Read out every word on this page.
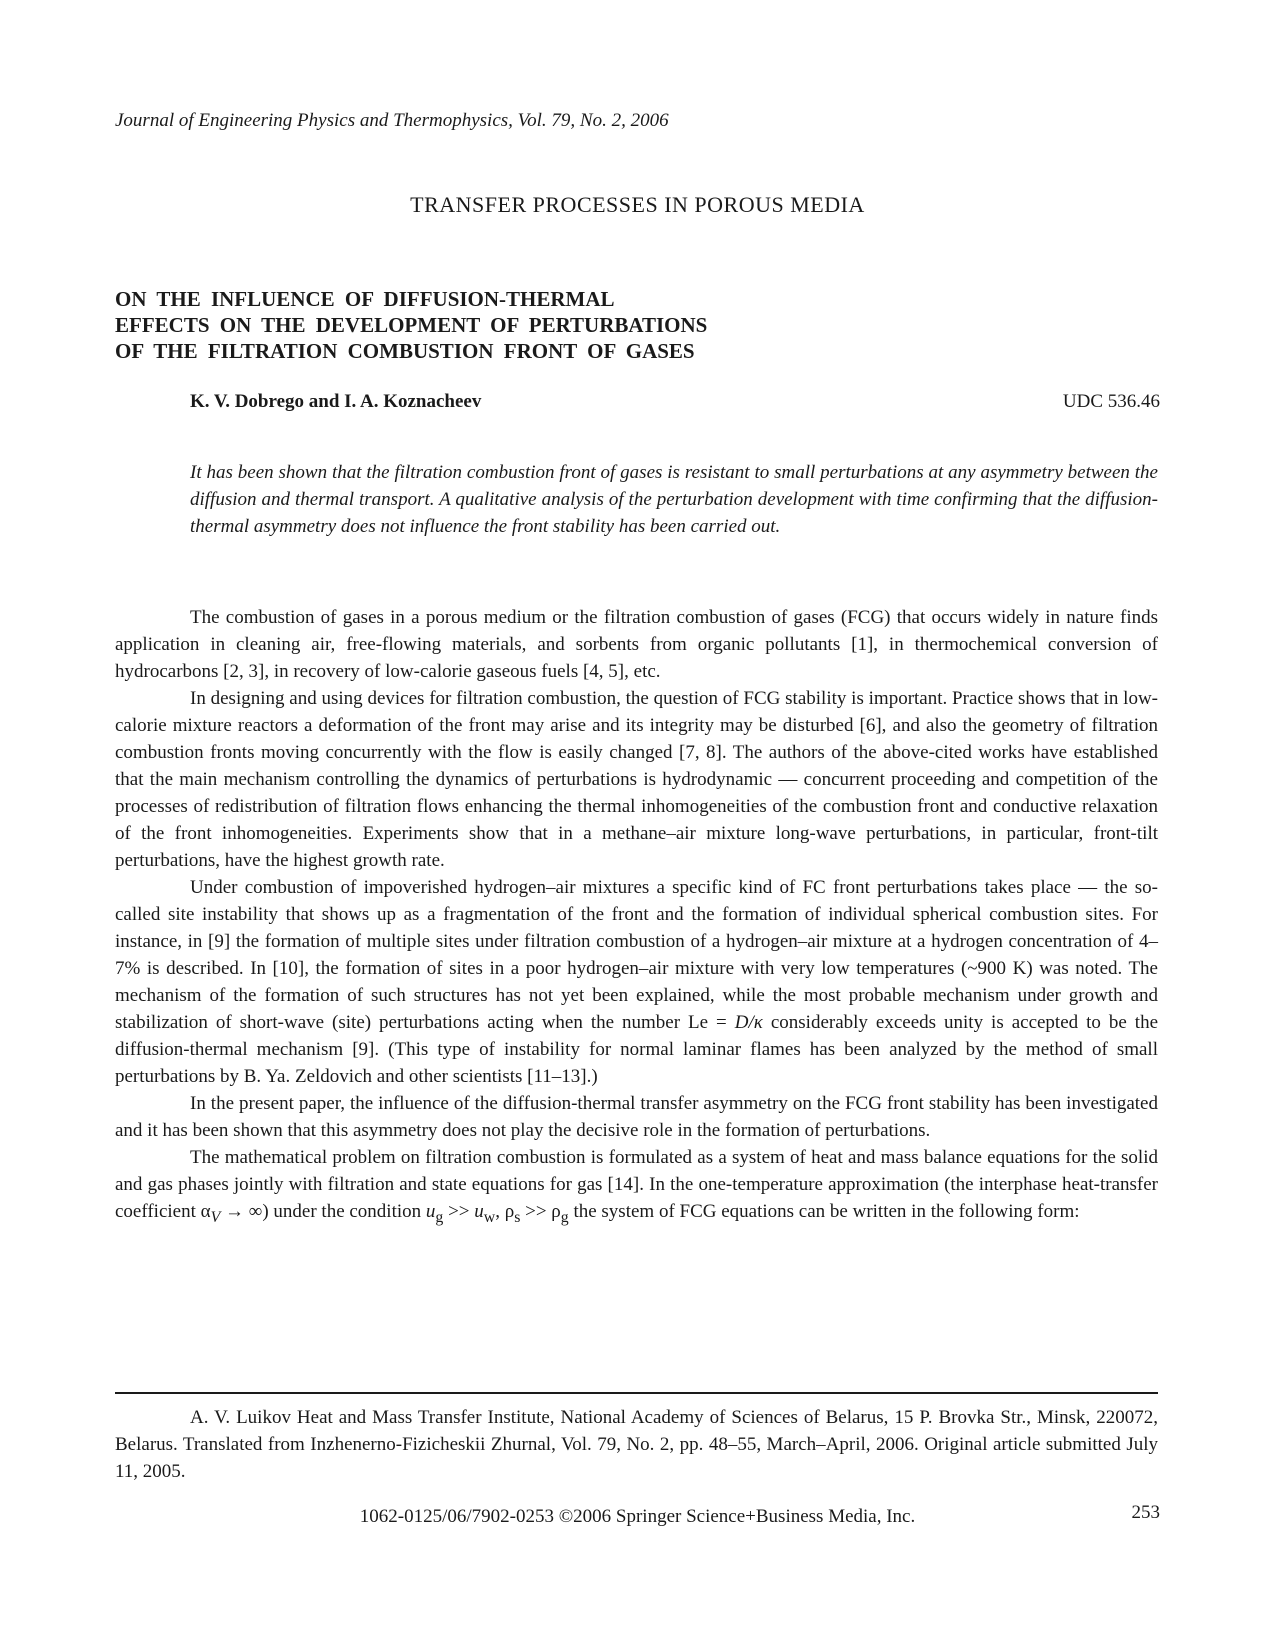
Journal of Engineering Physics and Thermophysics, Vol. 79, No. 2, 2006
TRANSFER PROCESSES IN POROUS MEDIA
ON THE INFLUENCE OF DIFFUSION-THERMAL
EFFECTS ON THE DEVELOPMENT OF PERTURBATIONS
OF THE FILTRATION COMBUSTION FRONT OF GASES
K. V. Dobrego and I. A. Koznacheev	UDC 536.46
It has been shown that the filtration combustion front of gases is resistant to small perturbations at any asymmetry between the diffusion and thermal transport. A qualitative analysis of the perturbation development with time confirming that the diffusion-thermal asymmetry does not influence the front stability has been carried out.

The combustion of gases in a porous medium or the filtration combustion of gases (FCG) that occurs widely in nature finds application in cleaning air, free-flowing materials, and sorbents from organic pollutants [1], in thermochemical conversion of hydrocarbons [2, 3], in recovery of low-calorie gaseous fuels [4, 5], etc.

In designing and using devices for filtration combustion, the question of FCG stability is important. Practice shows that in low-calorie mixture reactors a deformation of the front may arise and its integrity may be disturbed [6], and also the geometry of filtration combustion fronts moving concurrently with the flow is easily changed [7, 8]. The authors of the above-cited works have established that the main mechanism controlling the dynamics of perturbations is hydrodynamic — concurrent proceeding and competition of the processes of redistribution of filtration flows enhancing the thermal inhomogeneities of the combustion front and conductive relaxation of the front inhomogeneities. Experiments show that in a methane–air mixture long-wave perturbations, in particular, front-tilt perturbations, have the highest growth rate.

Under combustion of impoverished hydrogen–air mixtures a specific kind of FC front perturbations takes place — the so-called site instability that shows up as a fragmentation of the front and the formation of individual spherical combustion sites. For instance, in [9] the formation of multiple sites under filtration combustion of a hydrogen–air mixture at a hydrogen concentration of 4–7% is described. In [10], the formation of sites in a poor hydrogen–air mixture with very low temperatures (~900 K) was noted. The mechanism of the formation of such structures has not yet been explained, while the most probable mechanism under growth and stabilization of short-wave (site) perturbations acting when the number Le = D/κ considerably exceeds unity is accepted to be the diffusion-thermal mechanism [9]. (This type of instability for normal laminar flames has been analyzed by the method of small perturbations by B. Ya. Zeldovich and other scientists [11–13].)

In the present paper, the influence of the diffusion-thermal transfer asymmetry on the FCG front stability has been investigated and it has been shown that this asymmetry does not play the decisive role in the formation of perturbations.

The mathematical problem on filtration combustion is formulated as a system of heat and mass balance equations for the solid and gas phases jointly with filtration and state equations for gas [14]. In the one-temperature approximation (the interphase heat-transfer coefficient $\alpha_V$ → ∞) under the condition $u_g >> u_w$, $\rho_s >> \rho_g$ the system of FCG equations can be written in the following form:

A. V. Luikov Heat and Mass Transfer Institute, National Academy of Sciences of Belarus, 15 P. Brovka Str., Minsk, 220072, Belarus. Translated from Inzhenerno-Fizicheskii Zhurnal, Vol. 79, No. 2, pp. 48–55, March–April, 2006. Original article submitted July 11, 2005.
1062-0125/06/7902-0253 ©2006 Springer Science+Business Media, Inc.	253
